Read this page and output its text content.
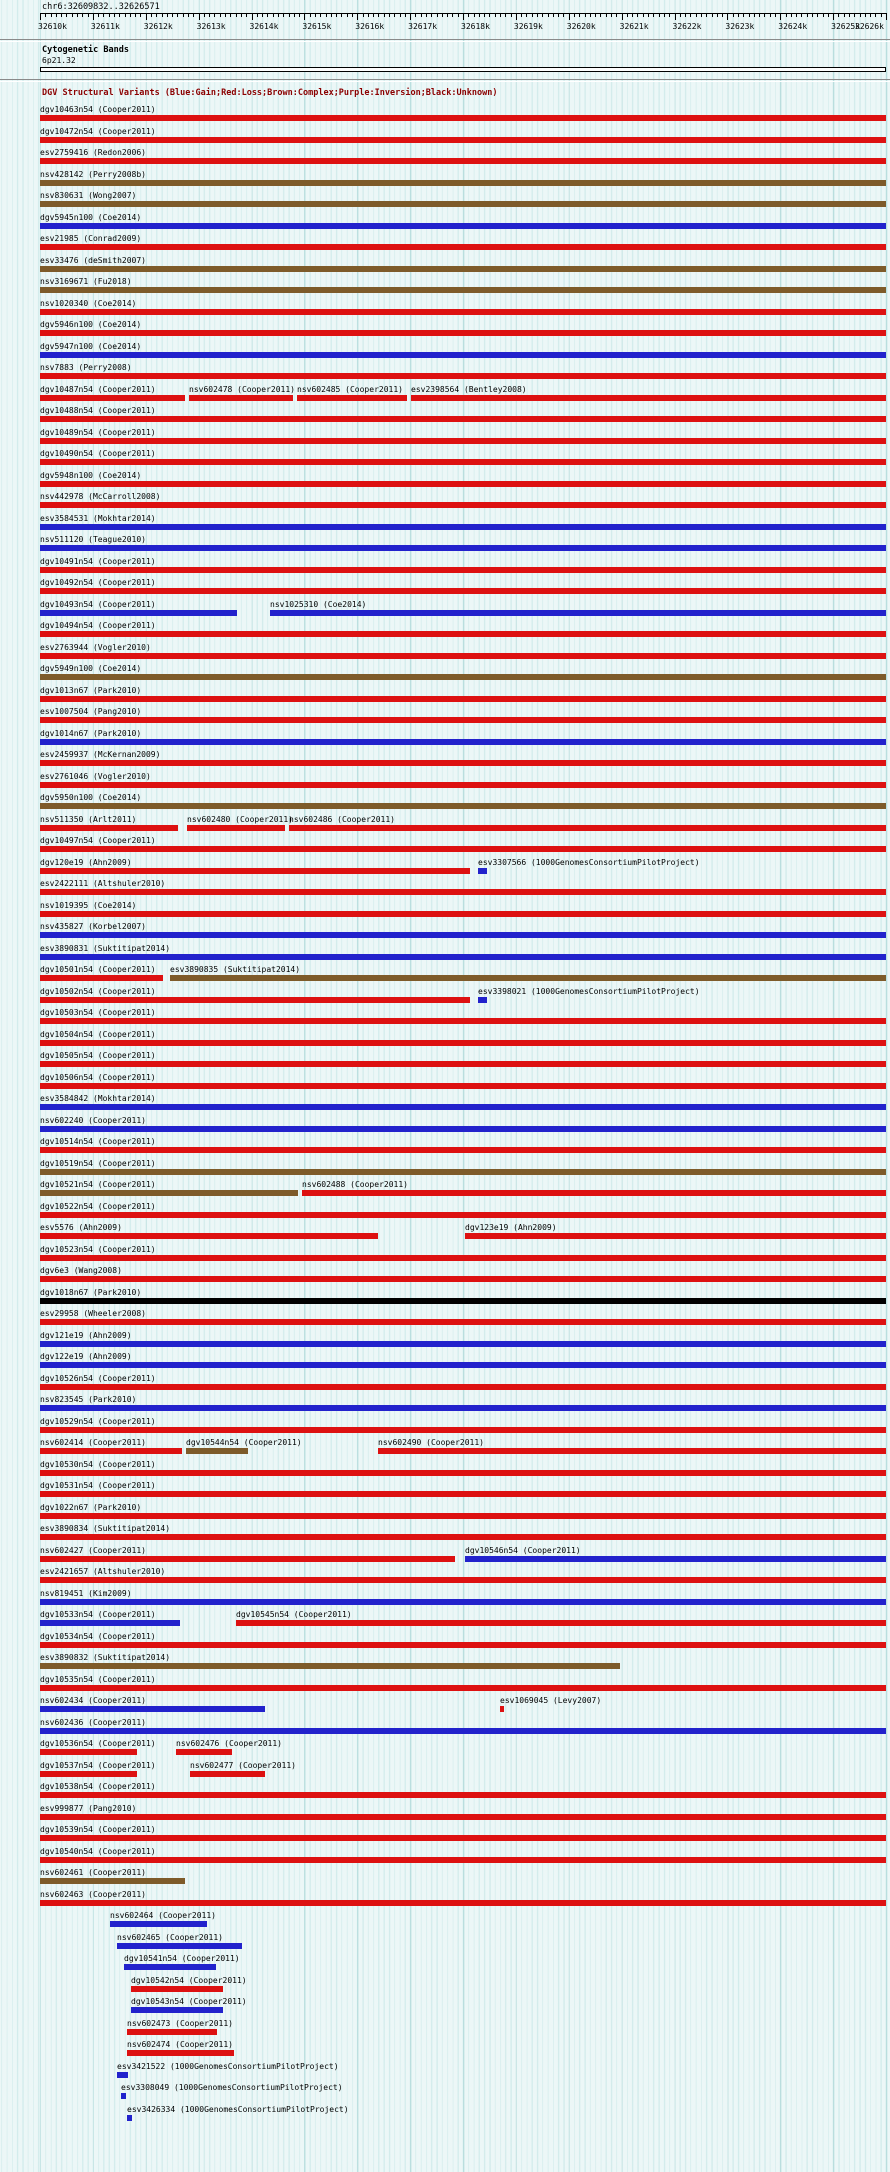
chr6:32609832..32626571
32610k	32611k	32612k	32613k	32614k	32615k	32616k	32617k	32618k	32619k	32620k	32621k	32622k	32623k	32624k	32625k
32626k
Cytogenetic Bands
6p21.32
DGV Structural Variants (Blue:Gain;Red:Loss;Brown:Complex;Purple:Inversion;Black:Unknown)
dgv10463n54 (Cooper2011)
dgv10472n54 (Cooper2011)
esv2759416 (Redon2006)
nsv428142 (Perry2008b)
nsv830631 (Wong2007)
dgv5945n100 (Coe2014)
esv21985 (Conrad2009)
esv33476 (deSmith2007)
nsv3169671 (Fu2018)
nsv1020340 (Coe2014)
dgv5946n100 (Coe2014)
dgv5947n100 (Coe2014)
nsv7883 (Perry2008)
dgv10487n54 (Cooper2011)	nsv602478 (Cooper2011) nsv602485 (Cooper2011) esv2398564 (Bentley2008)
dgv10488n54 (Cooper2011)
dgv10489n54 (Cooper2011)
dgv10490n54 (Cooper2011)
dgv5948n100 (Coe2014)
nsv442978 (McCarroll2008)
esv3584531 (Mokhtar2014)
nsv511120 (Teague2010)
dgv10491n54 (Cooper2011)
dgv10492n54 (Cooper2011)
dgv10493n54 (Cooper2011)	nsv1025310 (Coe2014)
dgv10494n54 (Cooper2011)
esv2763944 (Vogler2010)
dgv5949n100 (Coe2014)
dgv1013n67 (Park2010)
esv1007504 (Pang2010)
dgv1014n67 (Park2010)
esv2459937 (McKernan2009)
esv2761046 (Vogler2010)
dgv5950n100 (Coe2014)
nsv511350 (Arlt2011)	nsv602480 (Cooper2011)
nsv602486 (Cooper2011)
dgv10497n54 (Cooper2011)
dgv120e19 (Ahn2009)	esv3307566 (1000GenomesConsortiumPilotProject)
esv2422111 (Altshuler2010)
nsv1019395 (Coe2014)
nsv435827 (Korbel2007)
esv3890831 (Suktitipat2014)
dgv10501n54 (Cooper2011) esv3890835 (Suktitipat2014)
dgv10502n54 (Cooper2011)	esv3398021 (1000GenomesConsortiumPilotProject)
dgv10503n54 (Cooper2011)
dgv10504n54 (Cooper2011)
dgv10505n54 (Cooper2011)
dgv10506n54 (Cooper2011)
esv3584842 (Mokhtar2014)
nsv602240 (Cooper2011)
dgv10514n54 (Cooper2011)
dgv10519n54 (Cooper2011)
dgv10521n54 (Cooper2011)	nsv602488 (Cooper2011)
dgv10522n54 (Cooper2011)
esv5576 (Ahn2009)	dgv123e19 (Ahn2009)
dgv10523n54 (Cooper2011)
dgv6e3 (Wang2008)
dgv1018n67 (Park2010)
esv29958 (Wheeler2008)
dgv121e19 (Ahn2009)
dgv122e19 (Ahn2009)
dgv10526n54 (Cooper2011)
nsv823545 (Park2010)
dgv10529n54 (Cooper2011)
nsv602414 (Cooper2011)	dgv10544n54 (Cooper2011)	nsv602490 (Cooper2011)
dgv10530n54 (Cooper2011)
dgv10531n54 (Cooper2011)
dgv1022n67 (Park2010)
esv3890834 (Suktitipat2014)
nsv602427 (Cooper2011)	dgv10546n54 (Cooper2011)
esv2421657 (Altshuler2010)
nsv819451 (Kim2009)
dgv10533n54 (Cooper2011)	dgv10545n54 (Cooper2011)
dgv10534n54 (Cooper2011)
esv3890832 (Suktitipat2014)
dgv10535n54 (Cooper2011)
nsv602434 (Cooper2011)	esv1069045 (Levy2007)
nsv602436 (Cooper2011)
dgv10536n54 (Cooper2011)	nsv602476 (Cooper2011)
dgv10537n54 (Cooper2011)	nsv602477 (Cooper2011)
dgv10538n54 (Cooper2011)
esv999877 (Pang2010)
dgv10539n54 (Cooper2011)
dgv10540n54 (Cooper2011)
nsv602461 (Cooper2011)
nsv602463 (Cooper2011)
nsv602464 (Cooper2011)
nsv602465 (Cooper2011)
dgv10541n54 (Cooper2011)
dgv10542n54 (Cooper2011)
dgv10543n54 (Cooper2011)
nsv602473 (Cooper2011)
nsv602474 (Cooper2011)
esv3421522 (1000GenomesConsortiumPilotProject)
esv3308049 (1000GenomesConsortiumPilotProject)
esv3426334 (1000GenomesConsortiumPilotProject)
